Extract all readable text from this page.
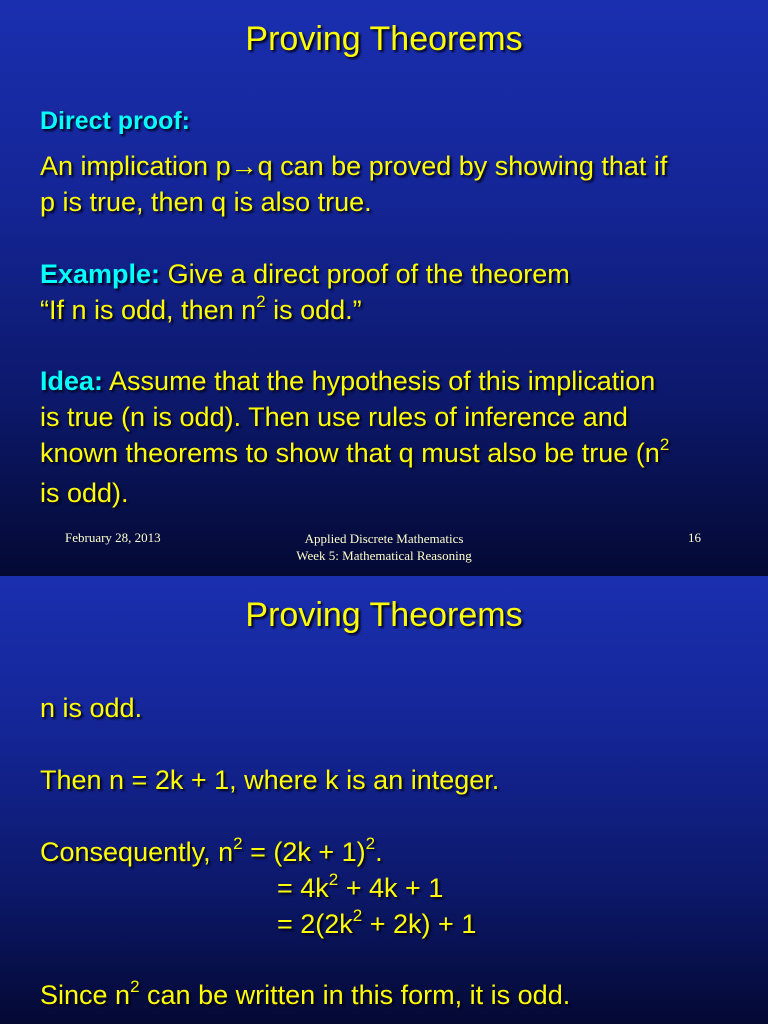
Proving Theorems
Direct proof:
An implication p→q can be proved by showing that if
p is true, then q is also true.
Example: Give a direct proof of the theorem
“If n is odd, then $n^2$ is odd.”
Idea: Assume that the hypothesis of this implication
is true (n is odd). Then use rules of inference and
known theorems to show that q must also be true ($n^2$
is odd).
February 28, 2013	Applied Discrete Mathematics
Week 5: Mathematical Reasoning
16
Proving Theorems
n is odd.
Then n = 2k + 1, where k is an integer.
Consequently, $n^2 = (2k + 1)^2$.
= $4k^2 + 4k + 1$
= $2(2k^2 + 2k) + 1$
Since $n^2$ can be written in this form, it is odd.
